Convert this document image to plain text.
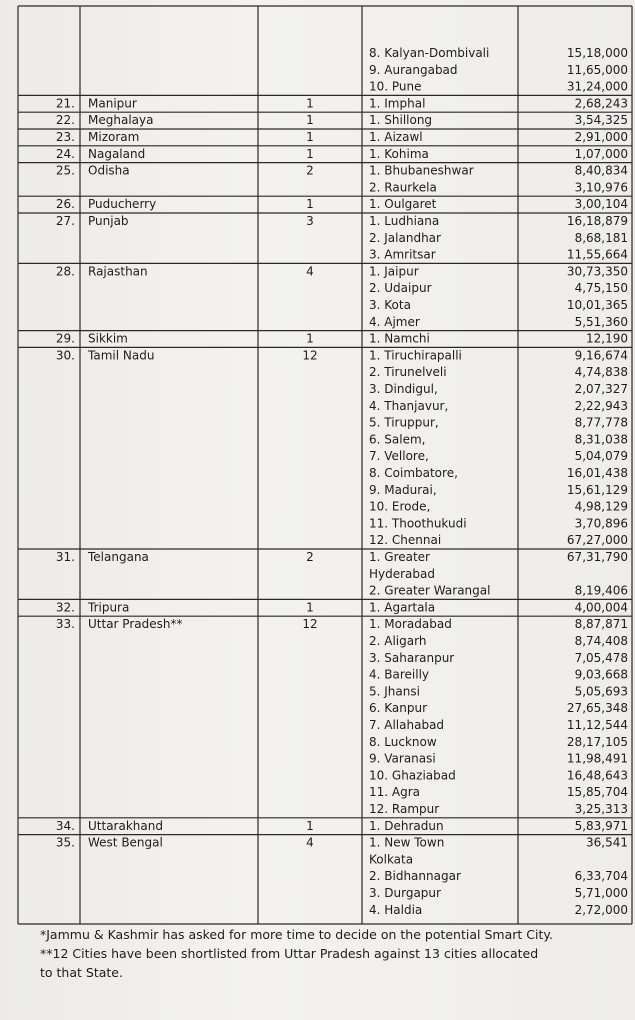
8. Kalyan-Dombivali	15,18,000
9. Aurangabad	11,65,000
10. Pune	31,24,000
21. Manipur	1	1. Imphal	2,68,243
22. Meghalaya	1	1. Shillong	3,54,325
23. Mizoram	1	1. Aizawl	2,91,000
24. Nagaland	1	1. Kohima	1,07,000
25. Odisha	2	1. Bhubaneshwar	8,40,834
2. Raurkela	3,10,976
26. Puducherry	1	1. Oulgaret	3,00,104
27. Punjab	3	1. Ludhiana	16,18,879
2. Jalandhar	8,68,181
3. Amritsar	11,55,664
28. Rajasthan	4	1. Jaipur	30,73,350
2. Udaipur	4,75,150
3. Kota	10,01,365
4. Ajmer	5,51,360
29. Sikkim	1	1. Namchi	12,190
30. Tamil Nadu	12	1. Tiruchirapalli	9,16,674
2. Tirunelveli	4,74,838
3. Dindigul,	2,07,327
4. Thanjavur,	2,22,943
5. Tiruppur,	8,77,778
6. Salem,	8,31,038
7. Vellore,	5,04,079
8. Coimbatore,	16,01,438
9. Madurai,	15,61,129
10. Erode,	4,98,129
11. Thoothukudi	3,70,896
12. Chennai	67,27,000
31. Telangana	2	1. Greater	67,31,790
Hyderabad
2. Greater Warangal	8,19,406
32. Tripura	1	1. Agartala	4,00,004
33. Uttar Pradesh**	12	1. Moradabad	8,87,871
2. Aligarh	8,74,408
3. Saharanpur	7,05,478
4. Bareilly	9,03,668
5. Jhansi	5,05,693
6. Kanpur	27,65,348
7. Allahabad	11,12,544
8. Lucknow	28,17,105
9. Varanasi	11,98,491
10. Ghaziabad	16,48,643
11. Agra	15,85,704
12. Rampur	3,25,313
34. Uttarakhand	1	1. Dehradun	5,83,971
35. West Bengal	4	1. New Town	36,541
Kolkata
2. Bidhannagar	6,33,704
3. Durgapur	5,71,000
4. Haldia	2,72,000

*Jammu & Kashmir has asked for more time to decide on the potential Smart City.

**12 Cities have been shortlisted from Uttar Pradesh against 13 cities allocated

to that State.
